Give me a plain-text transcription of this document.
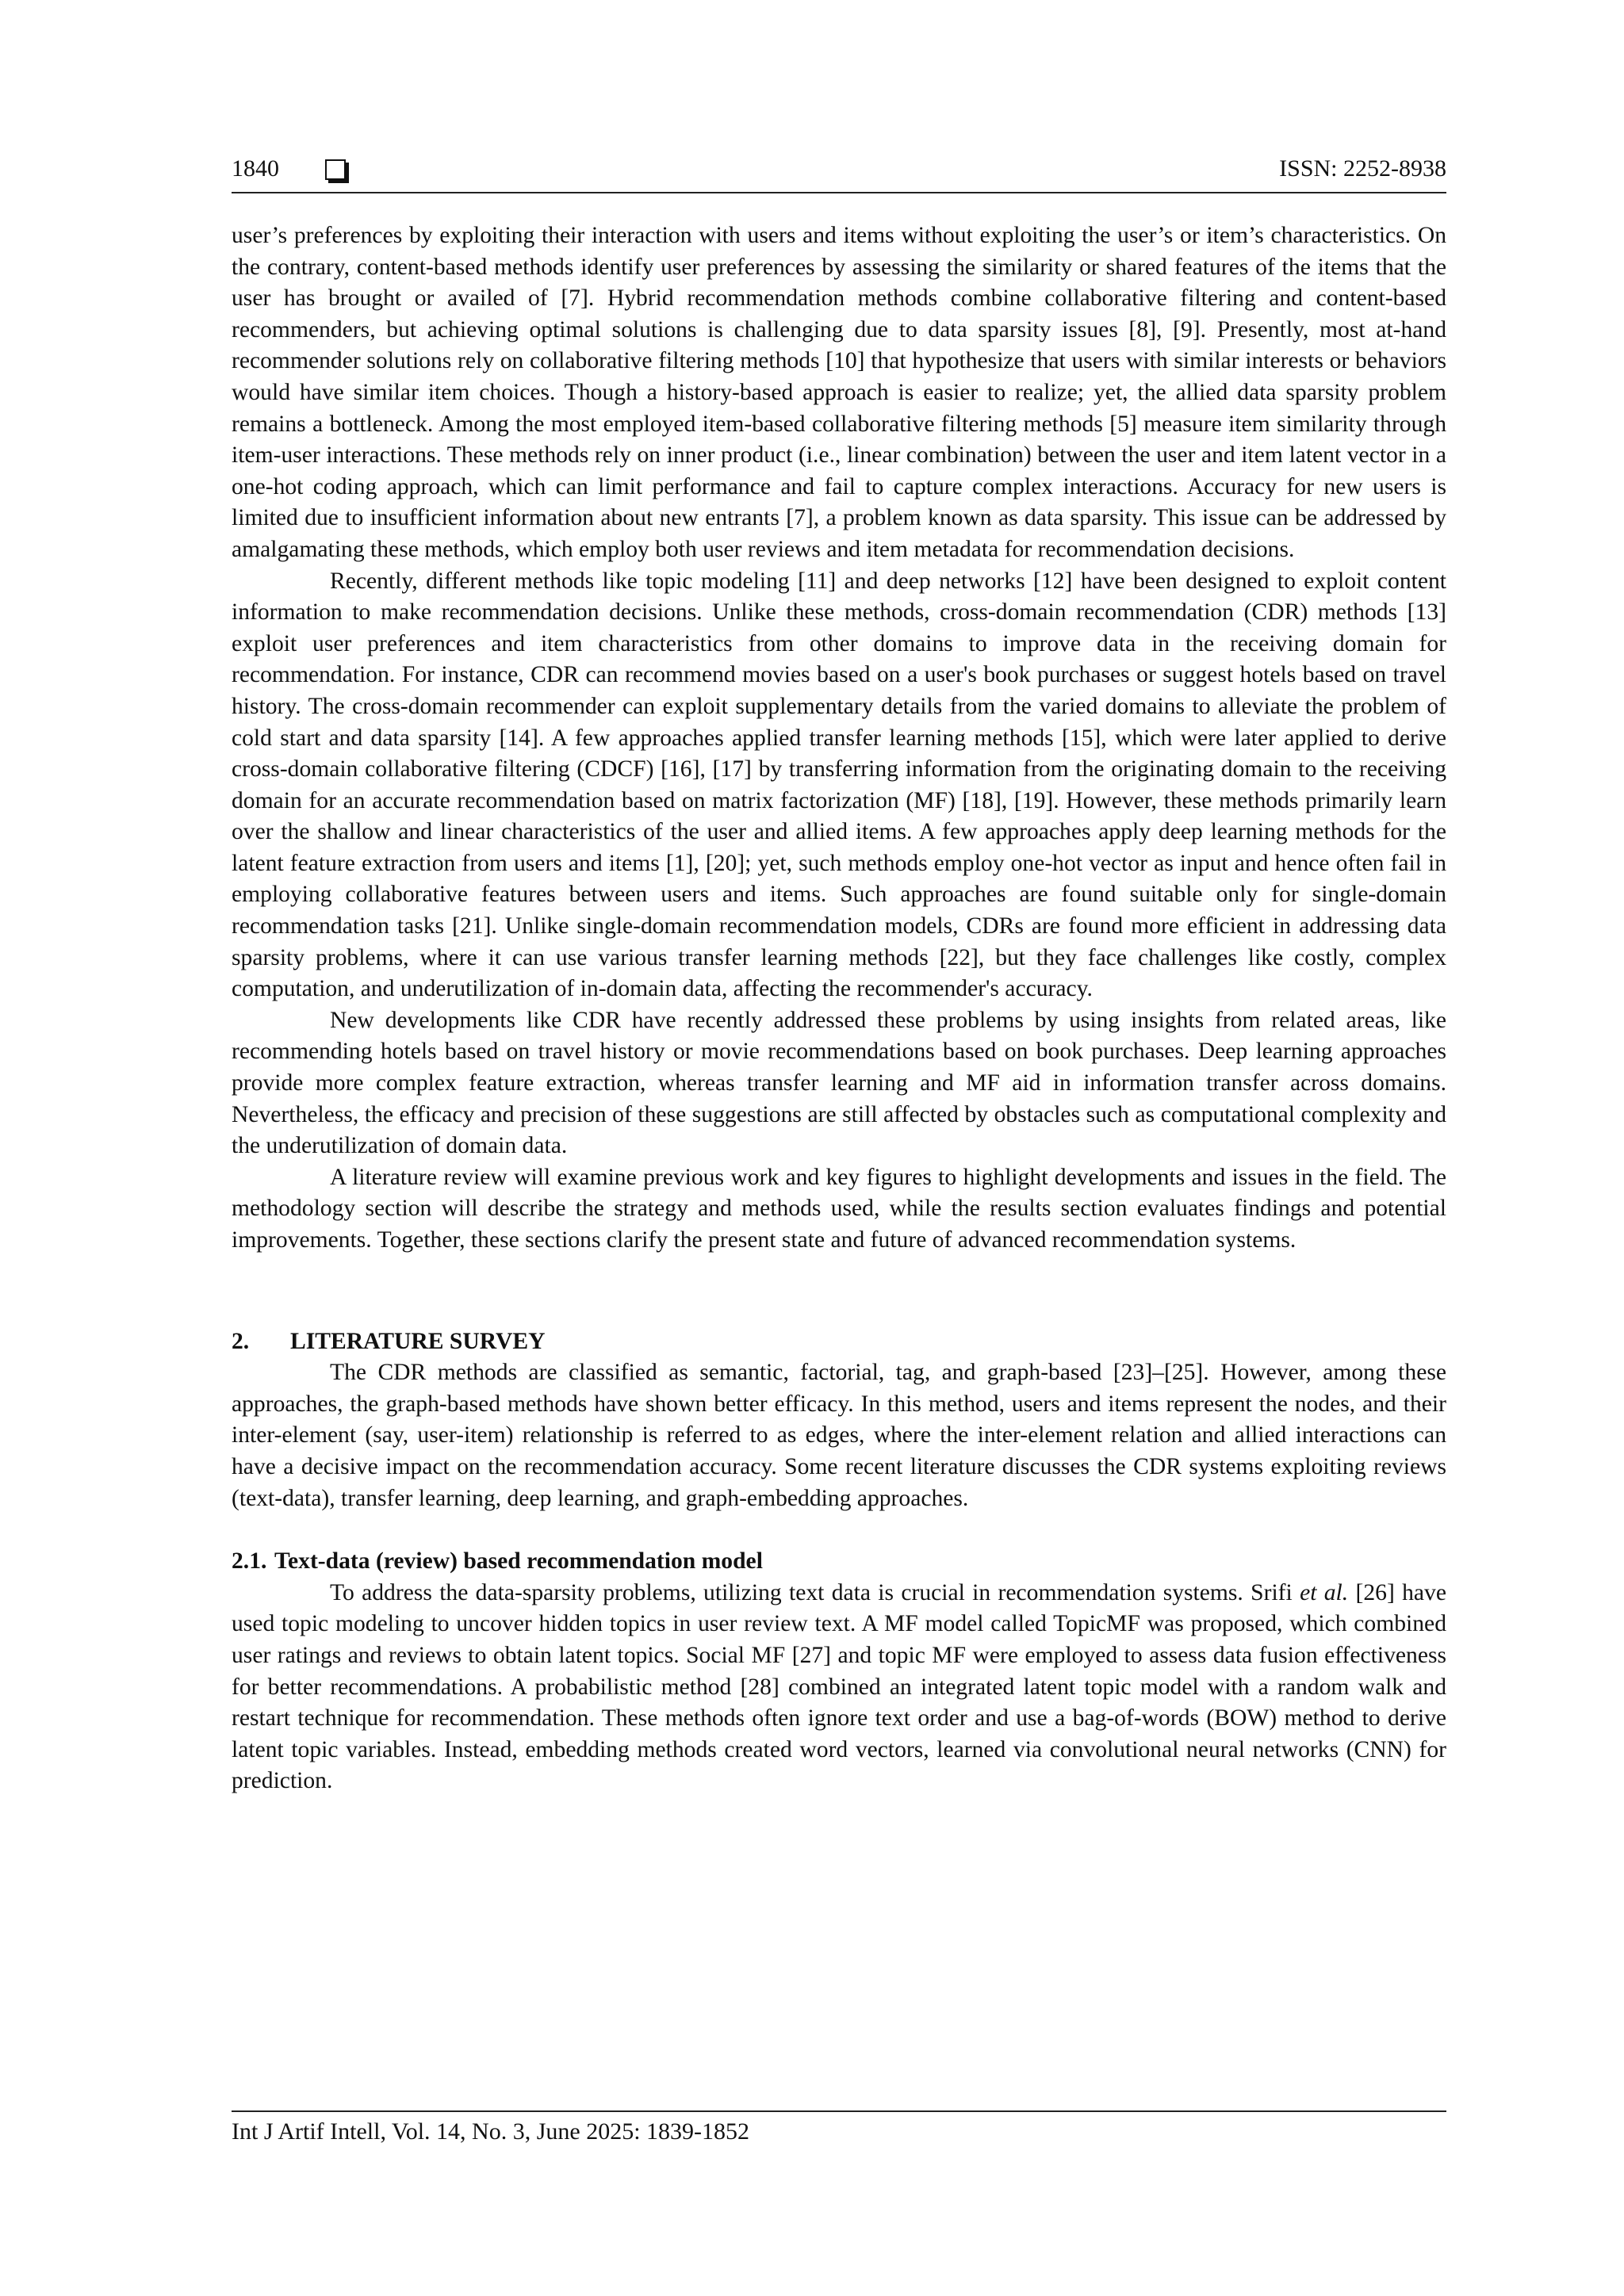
1840	ISSN: 2252-8938

user’s preferences by exploiting their interaction with users and items without exploiting the user’s or item’s characteristics. On the contrary, content-based methods identify user preferences by assessing the similarity or shared features of the items that the user has brought or availed of [7]. Hybrid recommendation methods combine collaborative filtering and content-based recommenders, but achieving optimal solutions is challenging due to data sparsity issues [8], [9]. Presently, most at-hand recommender solutions rely on collaborative filtering methods [10] that hypothesize that users with similar interests or behaviors would have similar item choices. Though a history-based approach is easier to realize; yet, the allied data sparsity problem remains a bottleneck. Among the most employed item-based collaborative filtering methods [5] measure item similarity through item-user interactions. These methods rely on inner product (i.e., linear combination) between the user and item latent vector in a one-hot coding approach, which can limit performance and fail to capture complex interactions. Accuracy for new users is limited due to insufficient information about new entrants [7], a problem known as data sparsity. This issue can be addressed by amalgamating these methods, which employ both user reviews and item metadata for recommendation decisions.

Recently, different methods like topic modeling [11] and deep networks [12] have been designed to exploit content information to make recommendation decisions. Unlike these methods, cross-domain recommendation (CDR) methods [13] exploit user preferences and item characteristics from other domains to improve data in the receiving domain for recommendation. For instance, CDR can recommend movies based on a user's book purchases or suggest hotels based on travel history. The cross-domain recommender can exploit supplementary details from the varied domains to alleviate the problem of cold start and data sparsity [14]. A few approaches applied transfer learning methods [15], which were later applied to derive cross-domain collaborative filtering (CDCF) [16], [17] by transferring information from the originating domain to the receiving domain for an accurate recommendation based on matrix factorization (MF) [18], [19]. However, these methods primarily learn over the shallow and linear characteristics of the user and allied items. A few approaches apply deep learning methods for the latent feature extraction from users and items [1], [20]; yet, such methods employ one-hot vector as input and hence often fail in employing collaborative features between users and items. Such approaches are found suitable only for single-domain recommendation tasks [21]. Unlike single-domain recommendation models, CDRs are found more efficient in addressing data sparsity problems, where it can use various transfer learning methods [22], but they face challenges like costly, complex computation, and underutilization of in-domain data, affecting the recommender's accuracy.

New developments like CDR have recently addressed these problems by using insights from related areas, like recommending hotels based on travel history or movie recommendations based on book purchases. Deep learning approaches provide more complex feature extraction, whereas transfer learning and MF aid in information transfer across domains. Nevertheless, the efficacy and precision of these suggestions are still affected by obstacles such as computational complexity and the underutilization of domain data.

A literature review will examine previous work and key figures to highlight developments and issues in the field. The methodology section will describe the strategy and methods used, while the results section evaluates findings and potential improvements. Together, these sections clarify the present state and future of advanced recommendation systems.

2. LITERATURE SURVEY

The CDR methods are classified as semantic, factorial, tag, and graph-based [23]–[25]. However, among these approaches, the graph-based methods have shown better efficacy. In this method, users and items represent the nodes, and their inter-element (say, user-item) relationship is referred to as edges, where the inter-element relation and allied interactions can have a decisive impact on the recommendation accuracy. Some recent literature discusses the CDR systems exploiting reviews (text-data), transfer learning, deep learning, and graph-embedding approaches.

2.1. Text-data (review) based recommendation model

To address the data-sparsity problems, utilizing text data is crucial in recommendation systems. Srifi et al. [26] have used topic modeling to uncover hidden topics in user review text. A MF model called TopicMF was proposed, which combined user ratings and reviews to obtain latent topics. Social MF [27] and topic MF were employed to assess data fusion effectiveness for better recommendations. A probabilistic method [28] combined an integrated latent topic model with a random walk and restart technique for recommendation. These methods often ignore text order and use a bag-of-words (BOW) method to derive latent topic variables. Instead, embedding methods created word vectors, learned via convolutional neural networks (CNN) for prediction.

Int J Artif Intell, Vol. 14, No. 3, June 2025: 1839-1852
